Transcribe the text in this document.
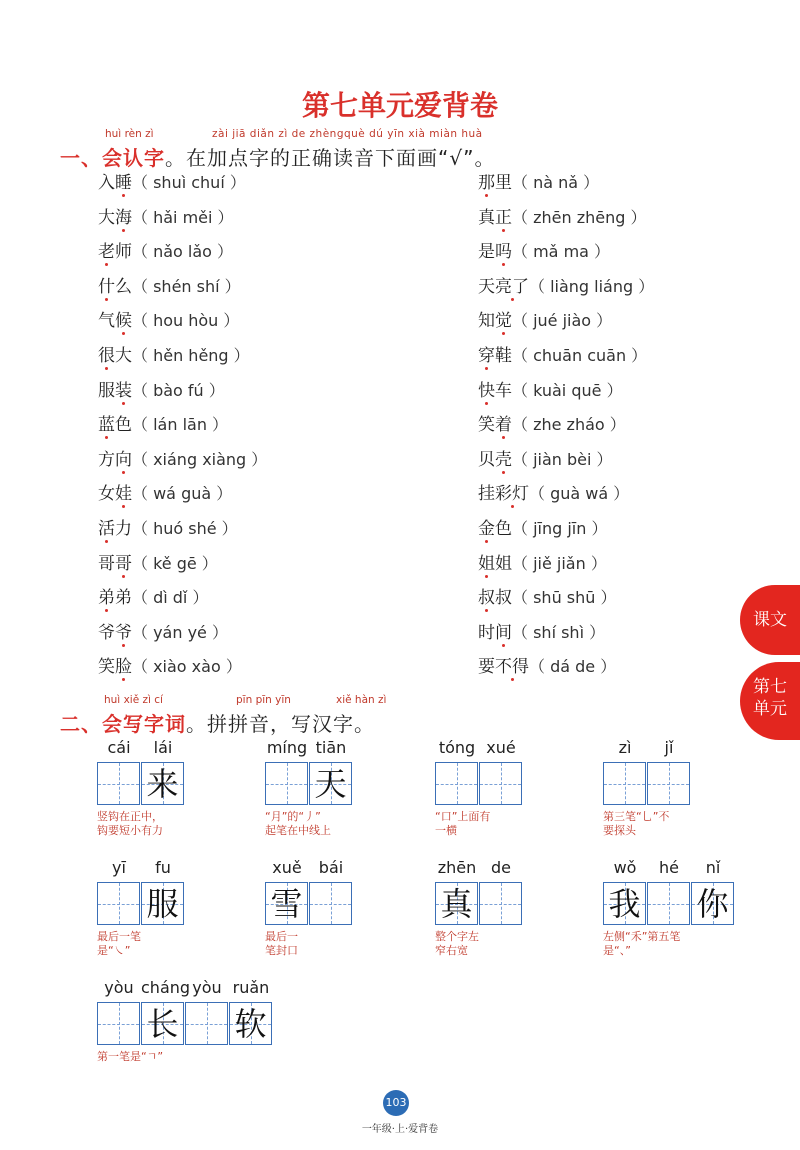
第七单元爱背卷
huì rèn zì	zài jiā diǎn zì de zhèngquè dú yīn xià miàn huà
一、会认字。在加点字的正确读音下面画“√”。
入睡（ shuì chuí ）
大海（ hǎi měi ）
老师（ nǎo lǎo ）
什么（ shén shí ）
气候（ hou hòu ）
很大（ hěn hěng ）
服装（ bào fú ）
蓝色（ lán lān ）
方向（ xiáng xiàng ）
女娃（ wá guà ）
活力（ huó shé ）
哥哥（ kě gē ）
弟弟（ dì dǐ ）
爷爷（ yán yé ）
笑脸（ xiào xào ）
那里（ nà nǎ ）
真正（ zhēn zhēng ）
是吗（ mǎ ma ）
天亮了（ liàng liáng ）
知觉（ jué jiào ）
穿鞋（ chuān cuān ）
快车（ kuài quē ）
笑着（ zhe zháo ）
贝壳（ jiàn bèi ）
挂彩灯（ guà wá ）
金色（ jīng jīn ）
姐姐（ jiě jiǎn ）
叔叔（ shū shū ）
时间（ shí shì ）
要不得（ dá de ）
huì xiě zì cí	pīn pīn yīn	xiě hàn zì
二、会写字词。拼拼音，写汉字。
cái	lái
来
竖钩在正中，
钩要短小有力
míng tiān
天
“月”的“丿”
起笔在中线上
tóng xué
“口”上面有
一横
zì	jǐ
第三笔“乚”不
要探头
yī	fu
服
最后一笔
是“㇏”
xuě
雪
bái
最后一
笔封口
zhēn
真
de
整个字左
窄右宽
wǒ
我
hé	nǐ
你
左侧“禾”第五笔
是“、”
yòu cháng
长
yòu ruǎn
软
第一笔是“ㄱ”
课文
第七
单元
103
一年级·上·爱背卷
